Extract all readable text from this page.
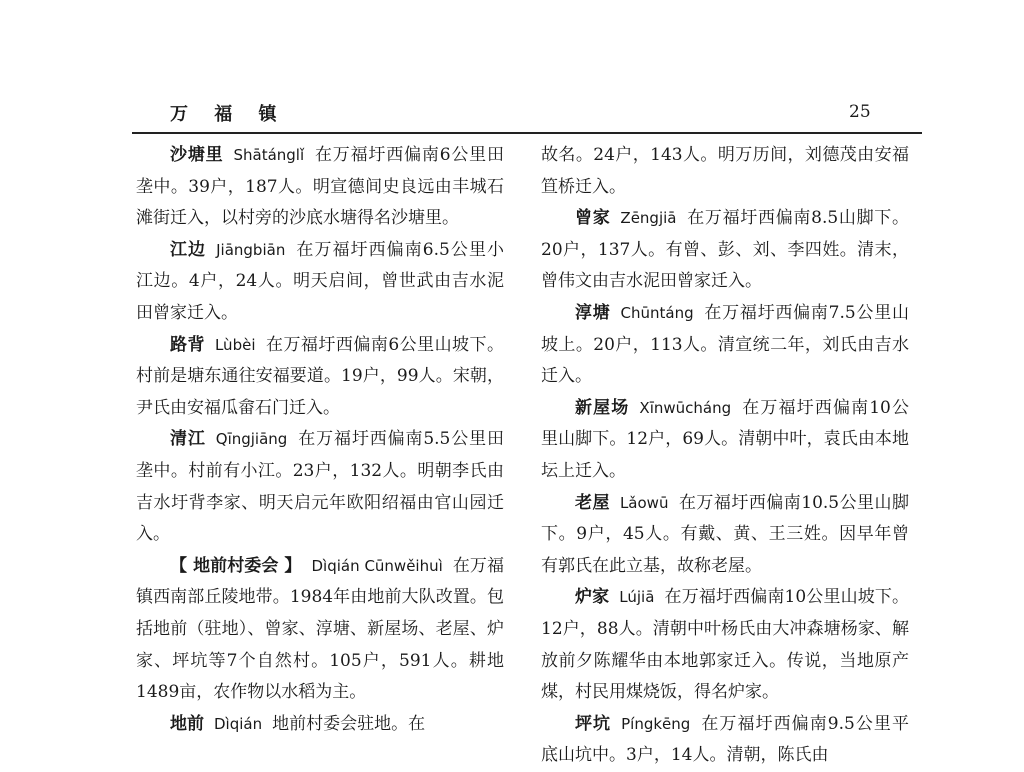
万 福 镇	25

沙塘里 Shātánglǐ 在万福圩西偏南6公里田垄中。39户，187人。明宣德间史良远由丰城石滩街迁入，以村旁的沙底水塘得名沙塘里。

江边 Jiāngbiān 在万福圩西偏南6.5公里小江边。4户，24人。明天启间，曾世武由吉水泥田曾家迁入。

路背 Lùbèi 在万福圩西偏南6公里山坡下。村前是塘东通往安福要道。19户，99人。宋朝，尹氏由安福瓜畲石门迁入。

清江 Qīngjiāng 在万福圩西偏南5.5公里田垄中。村前有小江。23户，132人。明朝李氏由吉水圩背李家、明天启元年欧阳绍福由官山园迁入。

【 地前村委会 】 Dìqián Cūnwěihuì 在万福镇西南部丘陵地带。1984年由地前大队改置。包括地前（驻地）、曾家、淳塘、新屋场、老屋、炉家、坪坑等7个自然村。105户，591人。耕地1489亩，农作物以水稻为主。

地前 Dìqián 地前村委会驻地。在

故名。24户，143人。明万历间，刘德茂由安福笪桥迁入。

曾家 Zēngjiā 在万福圩西偏南8.5山脚下。20户，137人。有曾、彭、刘、李四姓。清末，曾伟文由吉水泥田曾家迁入。

淳塘 Chūntáng 在万福圩西偏南7.5公里山坡上。20户，113人。清宣统二年，刘氏由吉水迁入。

新屋场 Xīnwūcháng 在万福圩西偏南10公里山脚下。12户，69人。清朝中叶，袁氏由本地坛上迁入。

老屋 Lǎowū 在万福圩西偏南10.5公里山脚下。9户，45人。有戴、黄、王三姓。因早年曾有郭氏在此立基，故称老屋。

炉家 Lújiā 在万福圩西偏南10公里山坡下。12户，88人。清朝中叶杨氏由大冲森塘杨家、解放前夕陈耀华由本地郭家迁入。传说，当地原产煤，村民用煤烧饭，得名炉家。

坪坑 Píngkēng 在万福圩西偏南9.5公里平底山坑中。3户，14人。清朝，陈氏由
